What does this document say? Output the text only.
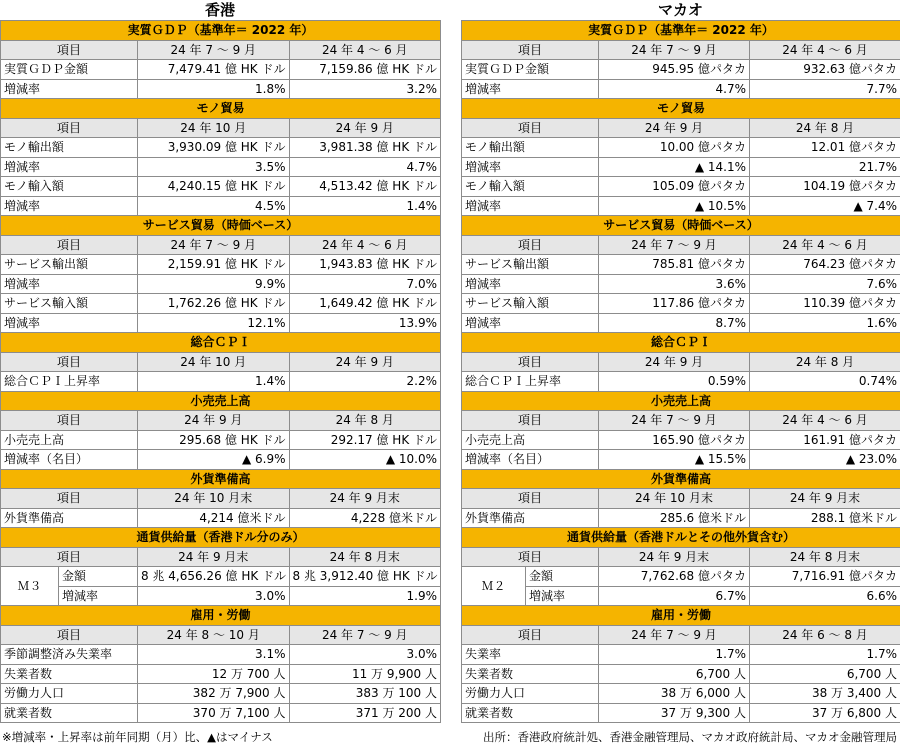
香港	マカオ
実質ＧＤＰ（基準年＝ 2022 年）			
項目		24 年 7 ～ 9 月	24 年 4 ～ 6 月
実質ＧＤＰ金額		7,479.41 億 HK ドル	7,159.86 億 HK ドル
増減率		1.8%	3.2%
モノ貿易			
項目		24 年 10 月	24 年 9 月
モノ輸出額		3,930.09 億 HK ドル	3,981.38 億 HK ドル
増減率		3.5%	4.7%
モノ輸入額		4,240.15 億 HK ドル	4,513.42 億 HK ドル
増減率		4.5%	1.4%
サービス貿易（時価ベース）			
項目		24 年 7 ～ 9 月	24 年 4 ～ 6 月
サービス輸出額		2,159.91 億 HK ドル	1,943.83 億 HK ドル
増減率		9.9%	7.0%
サービス輸入額		1,762.26 億 HK ドル	1,649.42 億 HK ドル
増減率		12.1%	13.9%
総合ＣＰＩ			
項目		24 年 10 月	24 年 9 月
総合ＣＰＩ上昇率		1.4%	2.2%
小売売上高			
項目		24 年 9 月	24 年 8 月
小売売上高		295.68 億 HK ドル	292.17 億 HK ドル
増減率（名目）		▲ 6.9%	▲ 10.0%
外貨準備高			
項目		24 年 10 月末	24 年 9 月末
外貨準備高		4,214 億米ドル	4,228 億米ドル
通貨供給量（香港ドル分のみ）			
項目		24 年 9 月末	24 年 8 月末
Ｍ３	金額	8 兆 4,656.26 億 HK ドル	8 兆 3,912.40 億 HK ドル
	増減率	3.0%	1.9%
雇用・労働			
項目		24 年 8 ～ 10 月	24 年 7 ～ 9 月
季節調整済み失業率		3.1%	3.0%
失業者数		12 万 700 人	11 万 9,900 人
労働力人口		382 万 7,900 人	383 万 100 人
就業者数		370 万 7,100 人	371 万 200 人
実質ＧＤＰ（基準年＝ 2022 年）			
項目		24 年 7 ～ 9 月	24 年 4 ～ 6 月
実質ＧＤＰ金額		945.95 億パタカ	932.63 億パタカ
増減率		4.7%	7.7%
モノ貿易			
項目		24 年 9 月	24 年 8 月
モノ輸出額		10.00 億パタカ	12.01 億パタカ
増減率		▲ 14.1%	21.7%
モノ輸入額		105.09 億パタカ	104.19 億パタカ
増減率		▲ 10.5%	▲ 7.4%
サービス貿易（時価ベース）			
項目		24 年 7 ～ 9 月	24 年 4 ～ 6 月
サービス輸出額		785.81 億パタカ	764.23 億パタカ
増減率		3.6%	7.6%
サービス輸入額		117.86 億パタカ	110.39 億パタカ
増減率		8.7%	1.6%
総合ＣＰＩ			
項目		24 年 9 月	24 年 8 月
総合ＣＰＩ上昇率		0.59%	0.74%
小売売上高			
項目		24 年 7 ～ 9 月	24 年 4 ～ 6 月
小売売上高		165.90 億パタカ	161.91 億パタカ
増減率（名目）		▲ 15.5%	▲ 23.0%
外貨準備高			
項目		24 年 10 月末	24 年 9 月末
外貨準備高		285.6 億米ドル	288.1 億米ドル
通貨供給量（香港ドルとその他外貨含む）			
項目		24 年 9 月末	24 年 8 月末
Ｍ２	金額	7,762.68 億パタカ	7,716.91 億パタカ
	増減率	6.7%	6.6%
雇用・労働			
項目		24 年 7 ～ 9 月	24 年 6 ～ 8 月
失業率		1.7%	1.7%
失業者数		6,700 人	6,700 人
労働力人口		38 万 6,000 人	38 万 3,400 人
就業者数		37 万 9,300 人	37 万 6,800 人
※増減率・上昇率は前年同期（月）比、▲はマイナス	出所：香港政府統計処、香港金融管理局、マカオ政府統計局、マカオ金融管理局
